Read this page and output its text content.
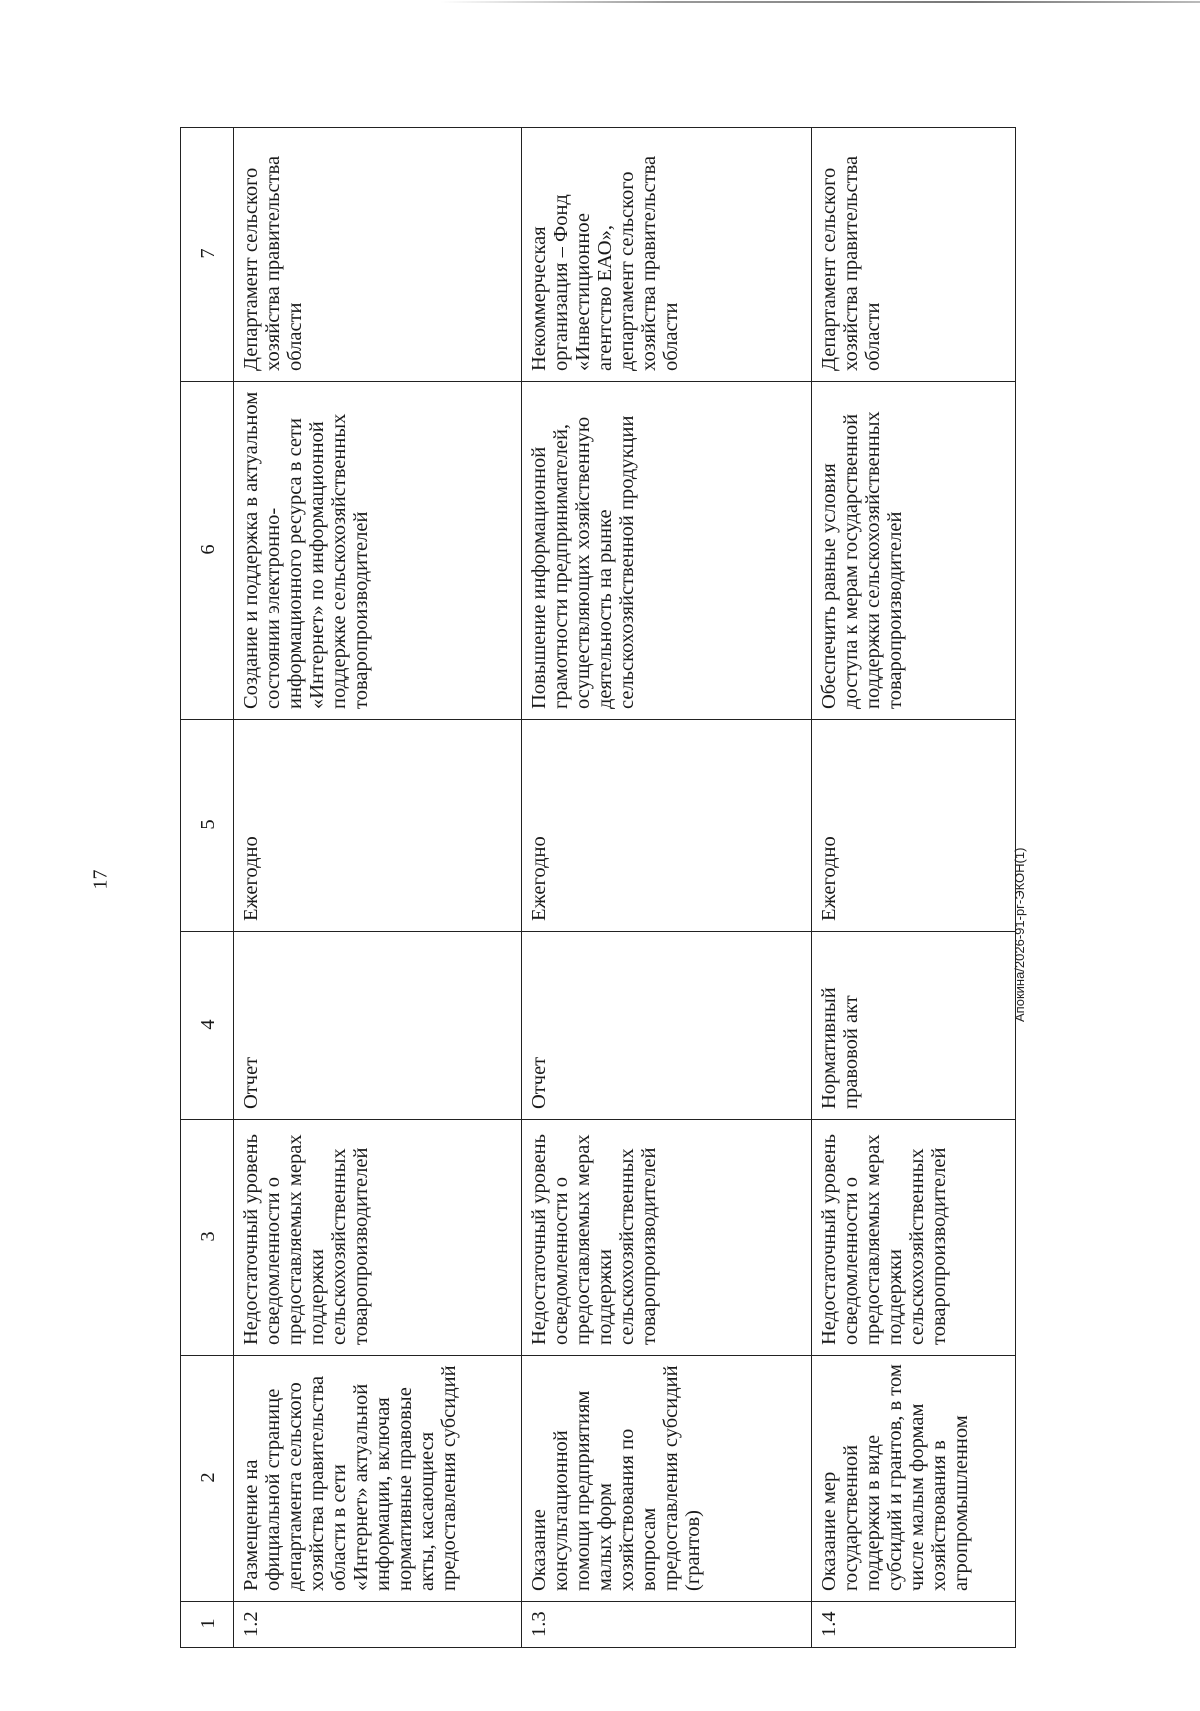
17
1	2	3	4	5	6	7
1.2	Размещение на официальной странице департамента сельского хозяйства правительства области в сети «Интернет» актуальной информации, включая нормативные правовые акты, касающиеся предоставления субсидий	Недостаточный уровень осведомленности о предоставляемых мерах поддержки сельскохозяйственных товаропроизводителей	Отчет	Ежегодно	Создание и поддержка в актуальном состоянии электронно-информационного ресурса в сети «Интернет» по информационной поддержке сельскохозяйственных товаропроизводителей	Департамент сельского хозяйства правительства области
1.3	Оказание консультационной помощи предприятиям малых форм хозяйствования по вопросам предоставления субсидий (грантов)	Недостаточный уровень осведомленности о предоставляемых мерах поддержки сельскохозяйственных товаропроизводителей	Отчет	Ежегодно	Повышение информационной грамотности предпринимателей, осуществляющих хозяйственную деятельность на рынке сельскохозяйственной продукции	Некоммерческая организация – Фонд «Инвестиционное агентство ЕАО», департамент сельского хозяйства правительства области
1.4	Оказание мер государственной поддержки в виде субсидий и грантов, в том числе малым формам хозяйствования в агропромышленном	Недостаточный уровень осведомленности о предоставляемых мерах поддержки сельскохозяйственных товаропроизводителей	Нормативный правовой акт	Ежегодно	Обеспечить равные условия доступа к мерам государственной поддержки сельскохозяйственных товаропроизводителей	Департамент сельского хозяйства правительства области
Апокина/2026-91-рг-ЭКОН(1)
